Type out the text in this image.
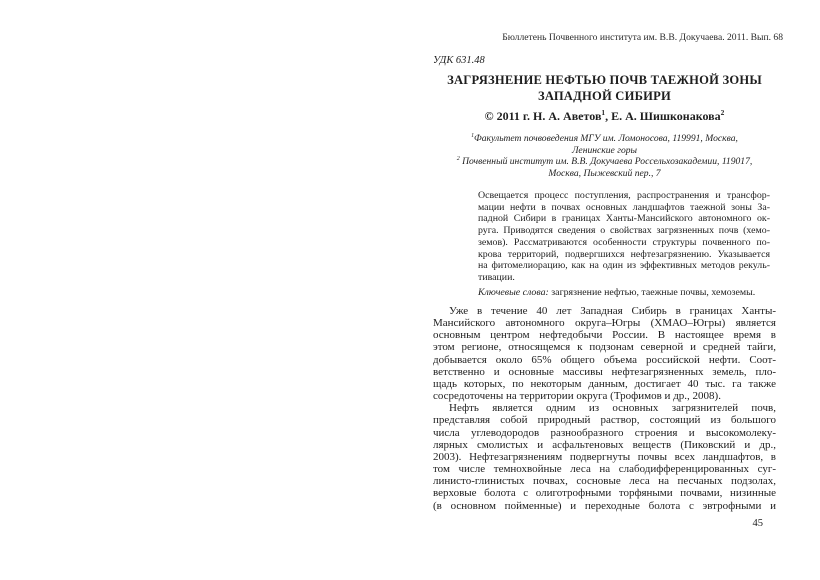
Бюллетень Почвенного института им. В.В. Докучаева. 2011. Вып. 68
УДК 631.48
ЗАГРЯЗНЕНИЕ НЕФТЬЮ ПОЧВ ТАЕЖНОЙ ЗОНЫ
ЗАПАДНОЙ СИБИРИ
© 2011 г. Н. А. Аветов$^1$, Е. А. Шишконакова$^2$
$^1$Факультет почвоведения МГУ им. Ломоносова, 119991, Москва,
Ленинские горы
$^2$ Почвенный институт им. В.В. Докучаева Россельхозакадемии, 119017,
Москва, Пыжевский пер., 7
Освещается процесс поступления, распространения и трансфор-
мации нефти в почвах основных ландшафтов таежной зоны За-
падной Сибири в границах Ханты-Мансийского автономного ок-
руга. Приводятся сведения о свойствах загрязненных почв (хемо-
земов). Рассматриваются особенности структуры почвенного по-
крова территорий, подвергшихся нефтезагрязнению. Указывается
на фитомелиорацию, как на один из эффективных методов рекуль-
тивации.
Ключевые слова: загрязнение нефтью, таежные почвы, хемоземы.
Уже в течение 40 лет Западная Сибирь в границах Ханты-
Мансийского автономного округа–Югры (ХМАО–Югры) является
основным центром нефтедобычи России. В настоящее время в
этом регионе, относящемся к подзонам северной и средней тайги,
добывается около 65% общего объема российской нефти. Соот-
ветственно и основные массивы нефтезагрязненных земель, пло-
щадь которых, по некоторым данным, достигает 40 тыс. га также
сосредоточены на территории округа (Трофимов и др., 2008).
Нефть является одним из основных загрязнителей почв,
представляя собой природный раствор, состоящий из большого
числа углеводородов разнообразного строения и высокомолеку-
лярных смолистых и асфальтеновых веществ (Пиковский и др.,
2003). Нефтезагрязнениям подвергнуты почвы всех ландшафтов, в
том числе темнохвойные леса на слабодифференцированных суг-
линисто-глинистых почвах, сосновые леса на песчаных подзолах,
верховые болота с олиготрофными торфяными почвами, низинные
(в основном пойменные) и переходные болота с эвтрофными и
45
